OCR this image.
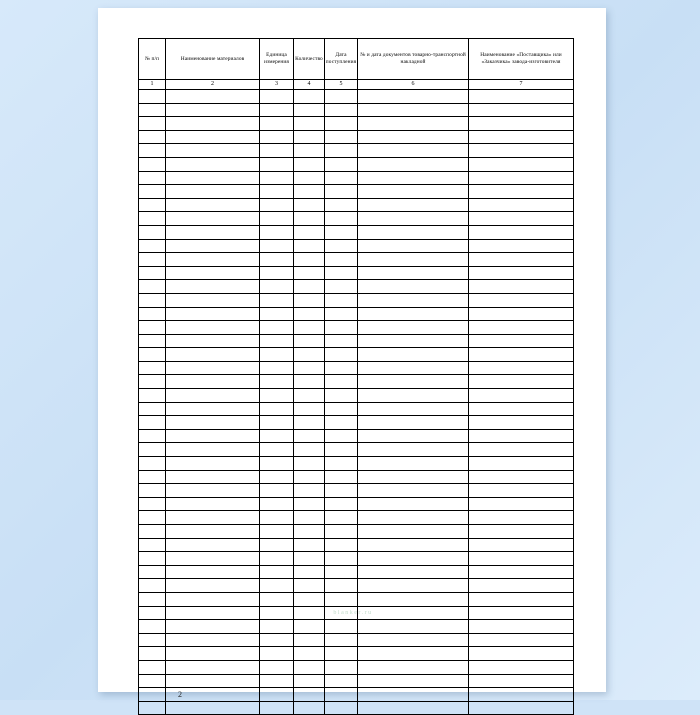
№ п/п	Наименование материалов	Единица измерения	Количество	Дата поступления	№ и дата документов товарно-транспортной накладной	Наименование «Поставщика» или «Заказчика» завода-изготовителя
1	2	3	4	5	6	7

blanker.ru
2
